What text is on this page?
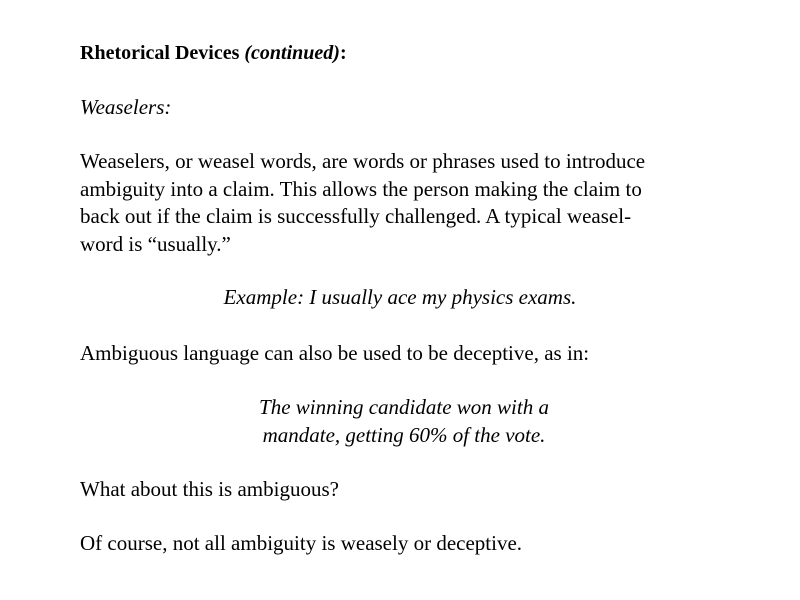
Rhetorical Devices (continued):
Weaselers:
Weaselers, or weasel words, are words or phrases used to introduce
ambiguity into a claim. This allows the person making the claim to
back out if the claim is successfully challenged. A typical weasel-
word is “usually.”
Example: I usually ace my physics exams.
Ambiguous language can also be used to be deceptive, as in:
The winning candidate won with a
mandate, getting 60% of the vote.
What about this is ambiguous?
Of course, not all ambiguity is weasely or deceptive.
